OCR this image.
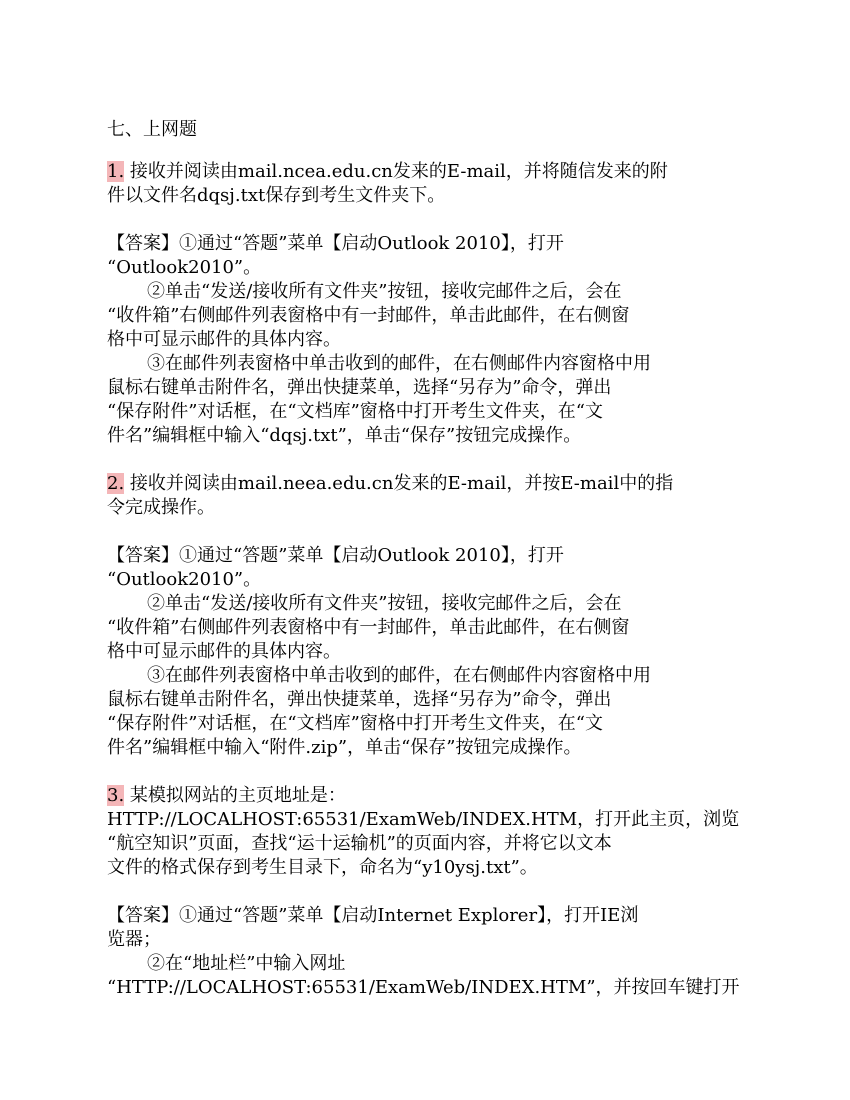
七、上网题
1. 接收并阅读由mail.ncea.edu.cn发来的E-mail，并将随信发来的附
件以文件名dqsj.txt保存到考生文件夹下。
【答案】①通过“答题”菜单【启动Outlook 2010】，打开
“Outlook2010”。
②单击“发送/接收所有文件夹”按钮，接收完邮件之后，会在
“收件箱”右侧邮件列表窗格中有一封邮件，单击此邮件，在右侧窗
格中可显示邮件的具体内容。
③在邮件列表窗格中单击收到的邮件，在右侧邮件内容窗格中用
鼠标右键单击附件名，弹出快捷菜单，选择“另存为”命令，弹出
“保存附件”对话框，在“文档库”窗格中打开考生文件夹，在“文
件名”编辑框中输入“dqsj.txt”，单击“保存”按钮完成操作。
2. 接收并阅读由mail.neea.edu.cn发来的E-mail，并按E-mail中的指
令完成操作。
【答案】①通过“答题”菜单【启动Outlook 2010】，打开
“Outlook2010”。
②单击“发送/接收所有文件夹”按钮，接收完邮件之后，会在
“收件箱”右侧邮件列表窗格中有一封邮件，单击此邮件，在右侧窗
格中可显示邮件的具体内容。
③在邮件列表窗格中单击收到的邮件，在右侧邮件内容窗格中用
鼠标右键单击附件名，弹出快捷菜单，选择“另存为”命令，弹出
“保存附件”对话框，在“文档库”窗格中打开考生文件夹，在“文
件名”编辑框中输入“附件.zip”，单击“保存”按钮完成操作。
3. 某模拟网站的主页地址是：
HTTP://LOCALHOST:65531/ExamWeb/INDEX.HTM，打开此主页，浏览
“航空知识”页面，查找“运十运输机”的页面内容，并将它以文本
文件的格式保存到考生目录下，命名为“y10ysj.txt”。
【答案】①通过“答题”菜单【启动Internet Explorer】，打开IE浏
览器；
②在“地址栏”中输入网址
“HTTP://LOCALHOST:65531/ExamWeb/INDEX.HTM”，并按回车键打开
